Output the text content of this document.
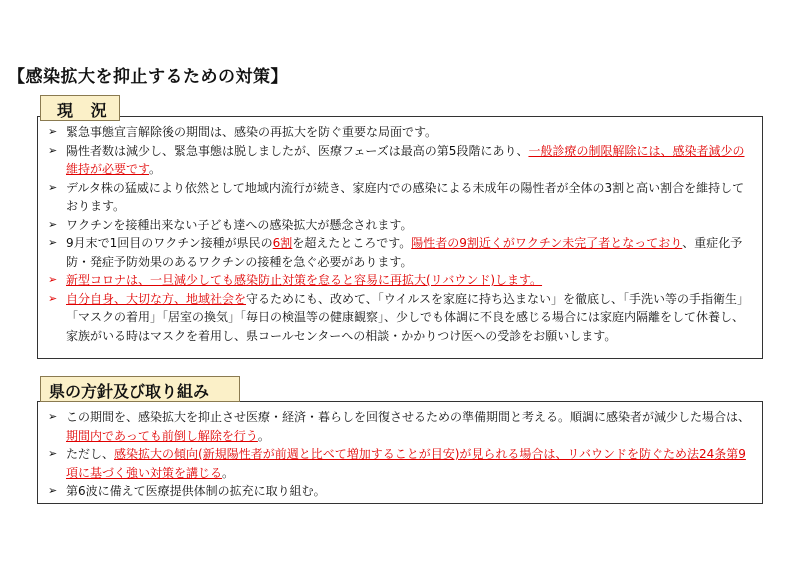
【感染拡大を抑止するための対策】
➢ 緊急事態宣言解除後の期間は、感染の再拡大を防ぐ重要な局面です。
➢ 陽性者数は減少し、緊急事態は脱しましたが、医療フェーズは最高の第5段階にあり、一般診療の制限解除には、感染者減少の維持が必要です。
➢ デルタ株の猛威により依然として地域内流行が続き、家庭内での感染による未成年の陽性者が全体の3割と高い割合を維持しております。
➢ ワクチンを接種出来ない子ども達への感染拡大が懸念されます。
➢ 9月末で1回目のワクチン接種が県民の6割を超えたところです。陽性者の9割近くがワクチン未完了者となっており、重症化予防・発症予防効果のあるワクチンの接種を急ぐ必要があります。
➢ 新型コロナは、一旦減少しても感染防止対策を怠ると容易に再拡大(リバウンド)します。
➢ 自分自身、大切な方、地域社会を守るためにも、改めて、「ウイルスを家庭に持ち込まない」を徹底し、「手洗い等の手指衛生」「マスクの着用」「居室の換気」「毎日の検温等の健康観察」、少しでも体調に不良を感じる場合には家庭内隔離をして休養し、家族がいる時はマスクを着用し、県コールセンターへの相談・かかりつけ医への受診をお願いします。
現 況
➢ この期間を、感染拡大を抑止させ医療・経済・暮らしを回復させるための準備期間と考える。順調に感染者が減少した場合は、期間内であっても前倒し解除を行う。
➢ ただし、感染拡大の傾向(新規陽性者が前週と比べて増加することが目安)が見られる場合は、リバウンドを防ぐため法24条第9項に基づく強い対策を講じる。
➢ 第6波に備えて医療提供体制の拡充に取り組む。
県の方針及び取り組み
